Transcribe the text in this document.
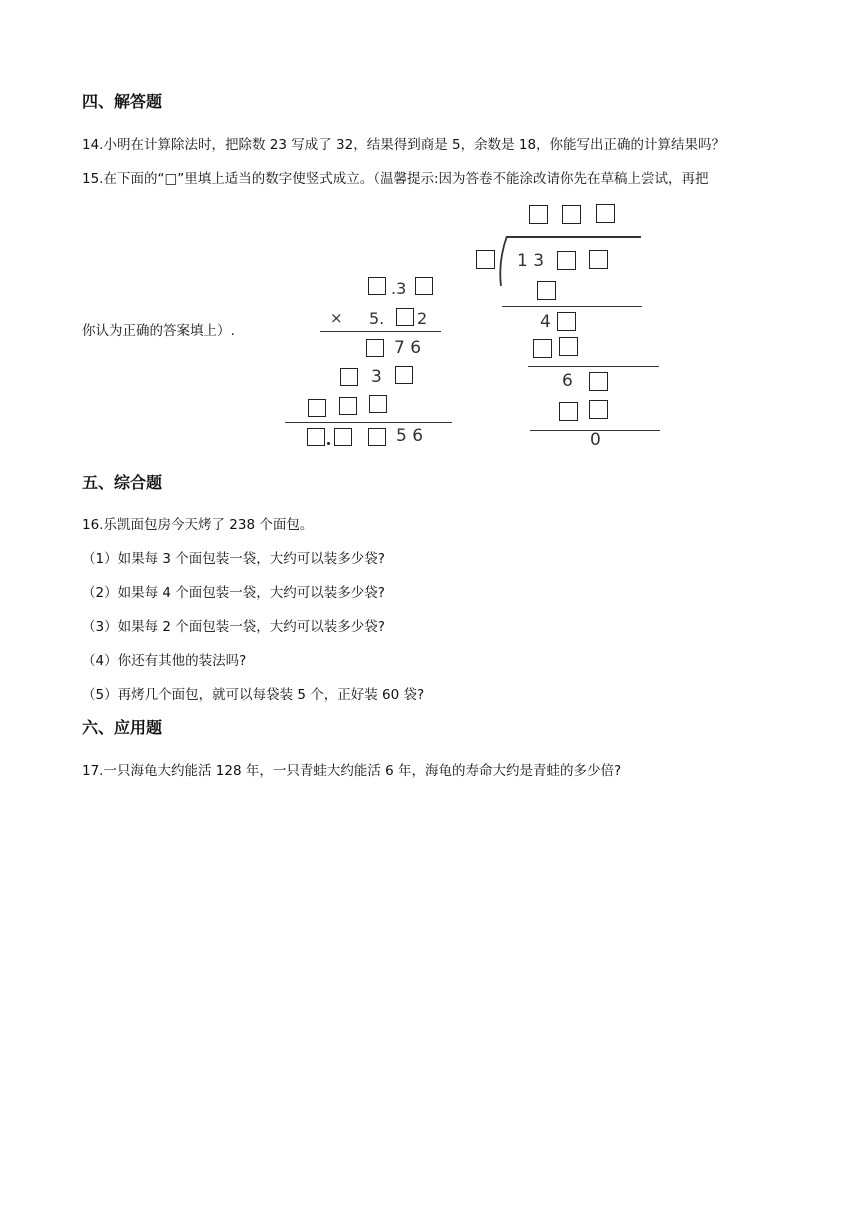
四、解答题
14.小明在计算除法时，把除数 23 写成了 32，结果得到商是 5，余数是 18，你能写出正确的计算结果吗？
15.在下面的“□”里填上适当的数字使竖式成立。（温馨提示:因为答卷不能涂改请你先在草稿上尝试，再把
你认为正确的答案填上）.
.3
× 5. 2
7 6
3
5 6
1 3
4
6
0
五、综合题
16.乐凯面包房今天烤了 238 个面包。
（1）如果每 3 个面包装一袋，大约可以装多少袋?
（2）如果每 4 个面包装一袋，大约可以装多少袋?
（3）如果每 2 个面包装一袋，大约可以装多少袋?
（4）你还有其他的装法吗?
（5）再烤几个面包，就可以每袋装 5 个，正好装 60 袋?
六、应用题
17.一只海龟大约能活 128 年，一只青蛙大约能活 6 年，海龟的寿命大约是青蛙的多少倍?
